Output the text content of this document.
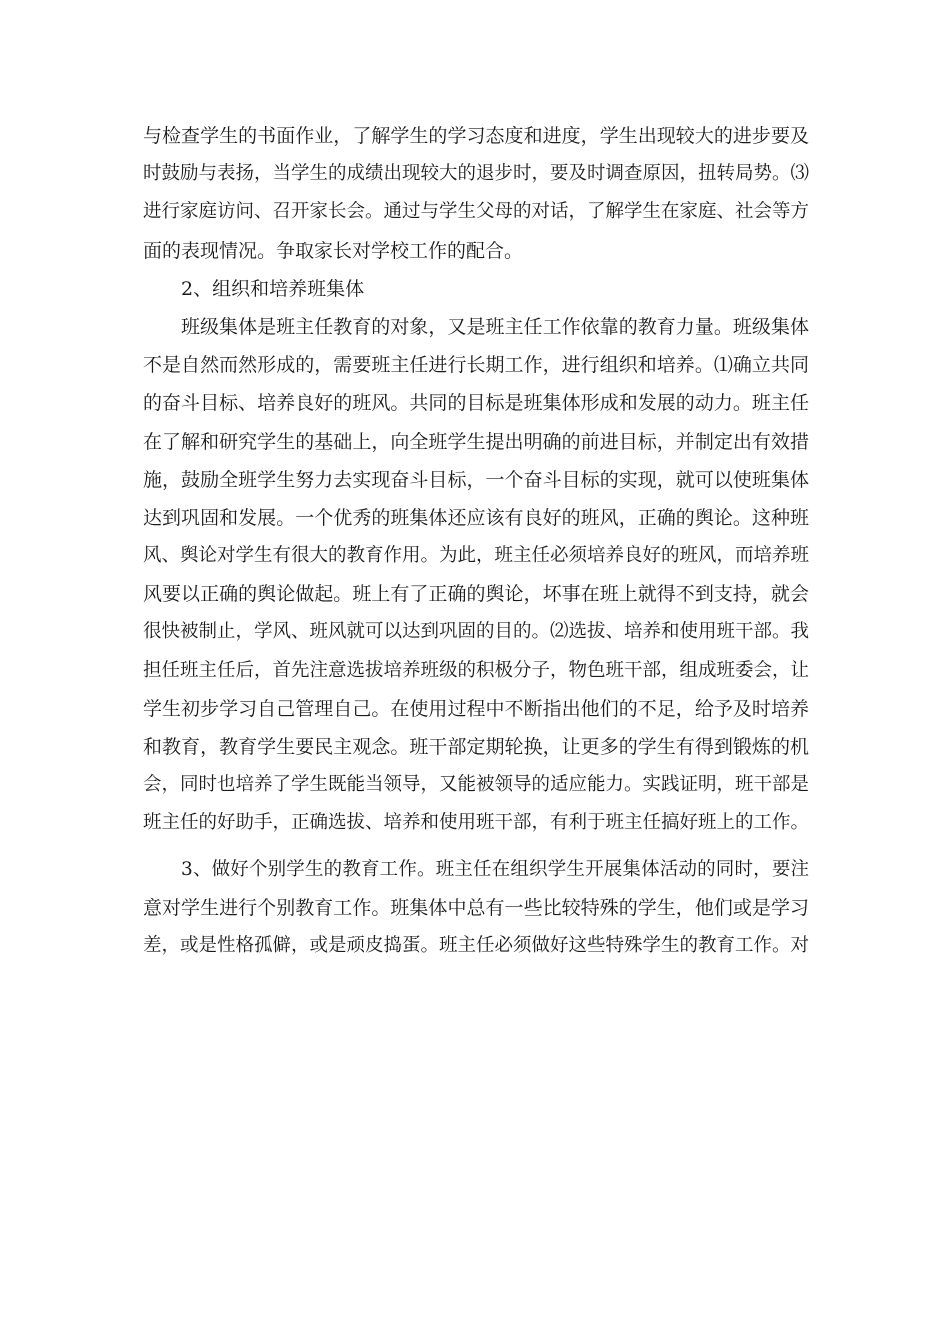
与检查学生的书面作业，了解学生的学习态度和进度，学生出现较大的进步要及
时鼓励与表扬，当学生的成绩出现较大的退步时，要及时调查原因，扭转局势。⑶
进行家庭访问、召开家长会。通过与学生父母的对话，了解学生在家庭、社会等方
面的表现情况。争取家长对学校工作的配合。
2、组织和培养班集体
班级集体是班主任教育的对象，又是班主任工作依靠的教育力量。班级集体
不是自然而然形成的，需要班主任进行长期工作，进行组织和培养。⑴确立共同
的奋斗目标、培养良好的班风。共同的目标是班集体形成和发展的动力。班主任
在了解和研究学生的基础上，向全班学生提出明确的前进目标，并制定出有效措
施，鼓励全班学生努力去实现奋斗目标，一个奋斗目标的实现，就可以使班集体
达到巩固和发展。一个优秀的班集体还应该有良好的班风，正确的舆论。这种班
风、舆论对学生有很大的教育作用。为此，班主任必须培养良好的班风，而培养班
风要以正确的舆论做起。班上有了正确的舆论，坏事在班上就得不到支持，就会
很快被制止，学风、班风就可以达到巩固的目的。⑵选拔、培养和使用班干部。我
担任班主任后，首先注意选拔培养班级的积极分子，物色班干部，组成班委会，让
学生初步学习自己管理自己。在使用过程中不断指出他们的不足，给予及时培养
和教育，教育学生要民主观念。班干部定期轮换，让更多的学生有得到锻炼的机
会，同时也培养了学生既能当领导，又能被领导的适应能力。实践证明，班干部是
班主任的好助手，正确选拔、培养和使用班干部，有利于班主任搞好班上的工作。
3、做好个别学生的教育工作。班主任在组织学生开展集体活动的同时，要注
意对学生进行个别教育工作。班集体中总有一些比较特殊的学生，他们或是学习
差，或是性格孤僻，或是顽皮捣蛋。班主任必须做好这些特殊学生的教育工作。对
